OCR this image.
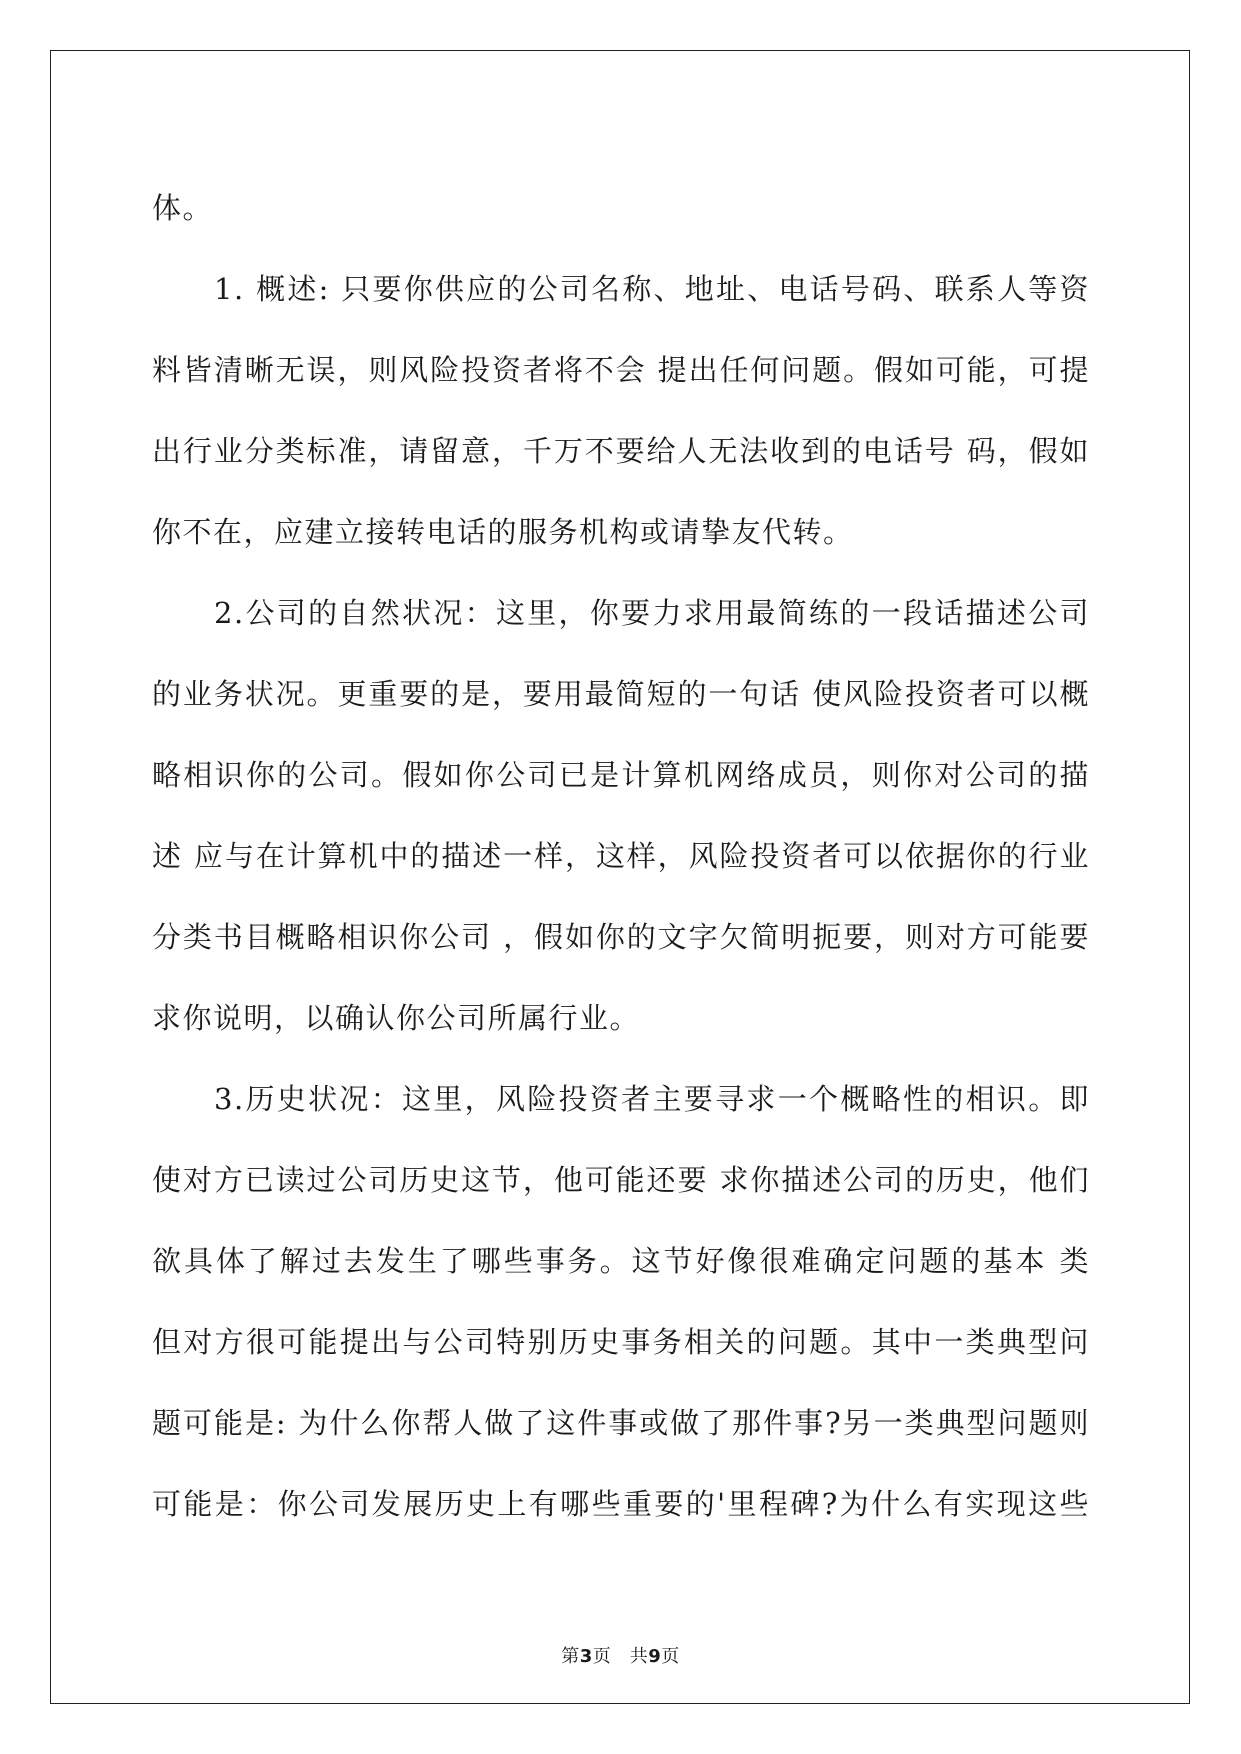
体。
1. 概述: 只要你供应的公司名称、地址、电话号码、联系人等资
料皆清晰无误，则风险投资者将不会 提出任何问题。假如可能，可提
出行业分类标准，请留意，千万不要给人无法收到的电话号 码，假如
你不在，应建立接转电话的服务机构或请挚友代转。
2.公司的自然状况：这里，你要力求用最简练的一段话描述公司
的业务状况。更重要的是，要用最简短的一句话 使风险投资者可以概
略相识你的公司。假如你公司已是计算机网络成员，则你对公司的描
述 应与在计算机中的描述一样，这样，风险投资者可以依据你的行业
分类书目概略相识你公司 ，假如你的文字欠简明扼要，则对方可能要
求你说明，以确认你公司所属行业。
3.历史状况：这里，风险投资者主要寻求一个概略性的相识。即
使对方已读过公司历史这节，他可能还要 求你描述公司的历史，他们
欲具体了解过去发生了哪些事务。这节好像很难确定问题的基本 类
但对方很可能提出与公司特别历史事务相关的问题。其中一类典型问
题可能是: 为什么你帮人做了这件事或做了那件事?另一类典型问题则
可能是：你公司发展历史上有哪些重要的'里程碑?为什么有实现这些
第3页　共9页
